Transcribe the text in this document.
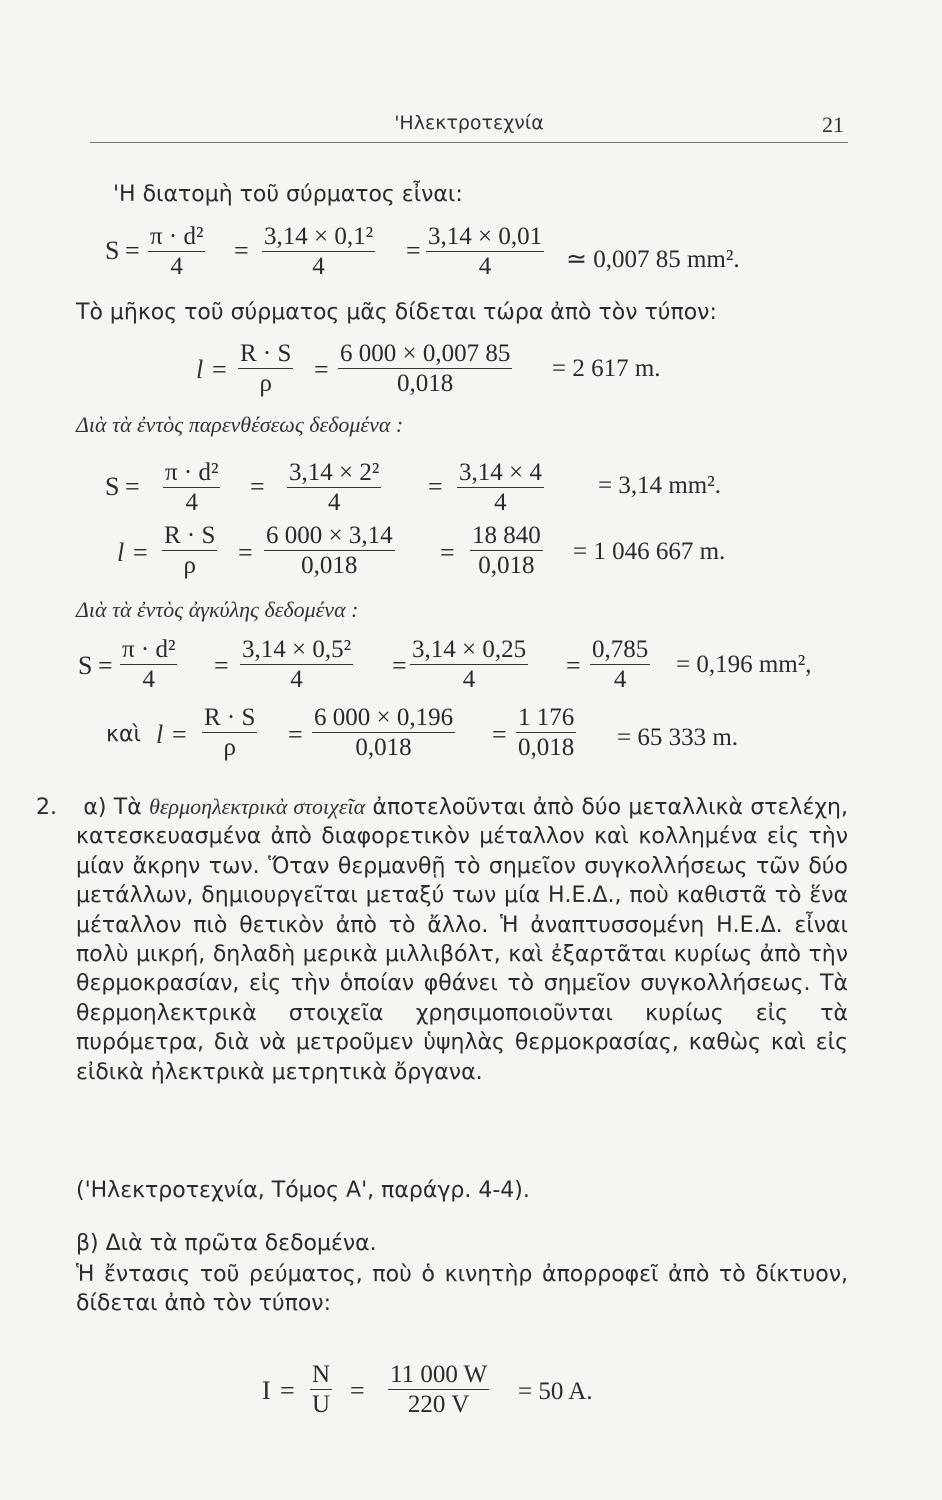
'Ηλεκτροτεχνία	21
'Η διατομὴ τοῦ σύρματος εἶναι:
S = π · d²
4
= 3,14 × 0,1²
4
= 3,14 × 0,01
4	≃ 0,007 85 mm².
Τὸ μῆκος τοῦ σύρματος μᾶς δίδεται τώρα ἀπὸ τὸν τύπον:
l =
R · S
ρ =
6 000 × 0,007 85
0,018
= 2 617 m.
Διὰ τὰ ἐντὸς παρενθέσεως δεδομένα :
S = π · d²
4
= 3,14 × 2²
4
= 3,14 × 4
4
= 3,14 mm².
l =
R · S
ρ =
6 000 × 3,14
0,018	=
18 840
0,018
= 1 046 667 m.
Διὰ τὰ ἐντὸς ἀγκύλης δεδομένα :
S =
π · d²
4 =
3,14 × 0,5²
4	=
3,14 × 0,25
4	=
0,785
4
= 0,196 mm²,
καὶ l =
R · S
ρ =
6 000 × 0,196
0,018	=
1 176
0,018 = 65 333 m.
2. α) Τὰ θερμοηλεκτρικὰ στοιχεῖα ἀποτελοῦνται ἀπὸ δύο μεταλλικὰ στελέχη, κατεσκευασμένα ἀπὸ διαφορετικὸν μέταλλον καὶ κολλημένα εἰς τὴν μίαν ἄκρην των. Ὅταν θερμανθῇ τὸ σημεῖον συγκολλήσεως τῶν δύο μετάλλων, δημιουργεῖται μεταξύ των μία Η.Ε.Δ., ποὺ καθιστᾶ τὸ ἕνα μέταλλον πιὸ θετικὸν ἀπὸ τὸ ἄλλο. Ἡ ἀναπτυσσομένη Η.Ε.Δ. εἶναι πολὺ μικρή, δηλαδὴ μερικὰ μιλλιβόλτ, καὶ ἐξαρτᾶται κυρίως ἀπὸ τὴν θερμοκρασίαν, εἰς τὴν ὁποίαν φθάνει τὸ σημεῖον συγκολλήσεως. Τὰ θερμοηλεκτρικὰ στοιχεῖα χρησιμοποιοῦνται κυρίως εἰς τὰ πυρόμετρα, διὰ νὰ μετροῦμεν ὑψηλὰς θερμοκρασίας, καθὼς καὶ εἰς εἰδικὰ ἠλεκτρικὰ μετρητικὰ ὄργανα.
('Ηλεκτροτεχνία, Τόμος Α', παράγρ. 4-4).
β) Διὰ τὰ πρῶτα δεδομένα.
Ἡ ἔντασις τοῦ ρεύματος, ποὺ ὁ κινητὴρ ἀπορροφεῖ ἀπὸ τὸ δίκτυον, δίδεται ἀπὸ τὸν τύπον:
I =
N
U =
11 000 W
220 V = 50 A.
